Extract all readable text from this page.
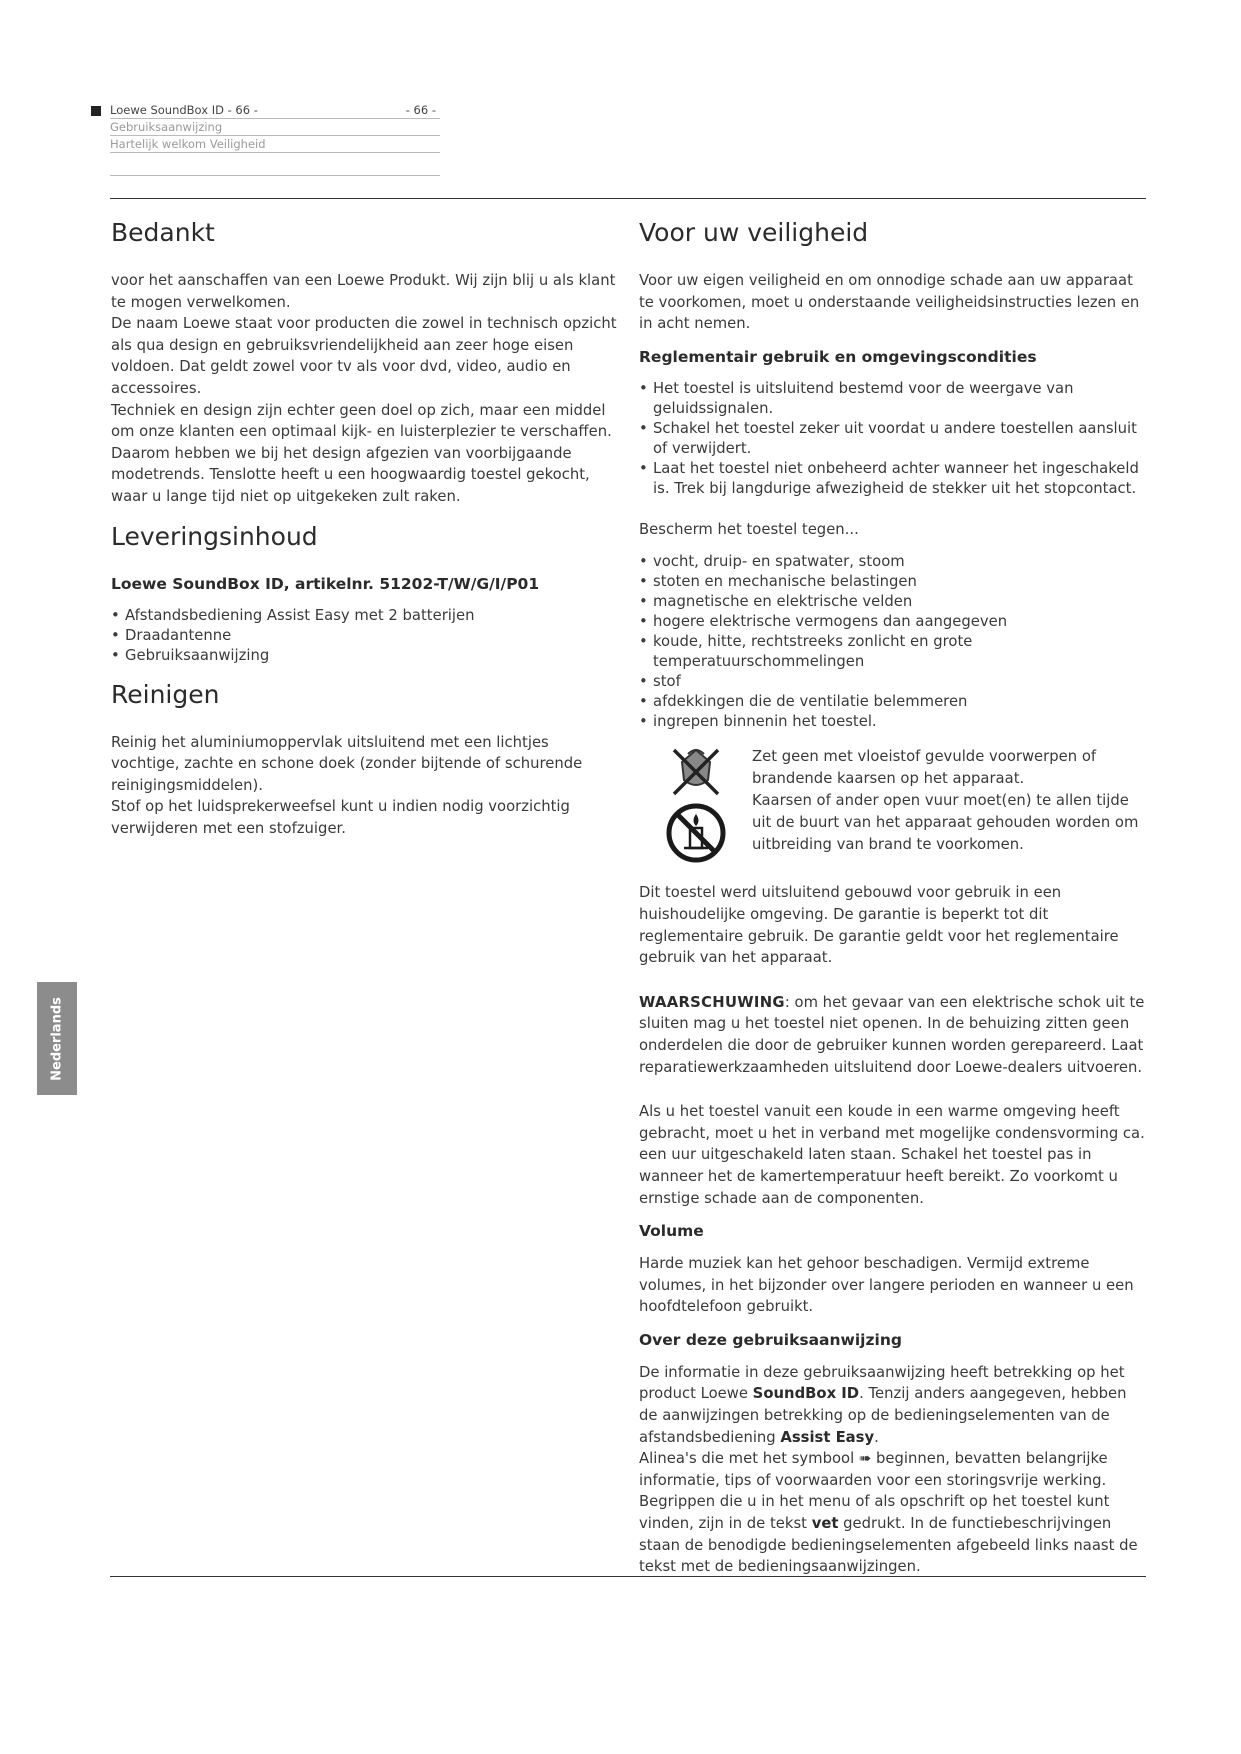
Loewe SoundBox ID - 66 -	- 66 -
Gebruiksaanwijzing
Hartelijk welkom Veiligheid
Nederlands
Bedankt

voor het aanschaffen van een Loewe Produkt. Wij zijn blij u als klant te mogen verwelkomen.

De naam Loewe staat voor producten die zowel in technisch opzicht als qua design en gebruiksvriendelijkheid aan zeer hoge eisen voldoen. Dat geldt zowel voor tv als voor dvd, video, audio en accessoires.

Techniek en design zijn echter geen doel op zich, maar een middel om onze klanten een optimaal kijk- en luisterplezier te verschaffen.

Daarom hebben we bij het design afgezien van voorbijgaande modetrends. Tenslotte heeft u een hoogwaardig toestel gekocht, waar u lange tijd niet op uitgekeken zult raken.

Leveringsinhoud
Loewe SoundBox ID, artikelnr. 51202-T/W/G/I/P01
• Afstandsbediening Assist Easy met 2 batterijen
• Draadantenne
• Gebruiksaanwijzing
Reinigen

Reinig het aluminiumoppervlak uitsluitend met een lichtjes vochtige, zachte en schone doek (zonder bijtende of schurende reinigingsmiddelen).

Stof op het luidsprekerweefsel kunt u indien nodig voorzichtig verwijderen met een stofzuiger.

Voor uw veiligheid

Voor uw eigen veiligheid en om onnodige schade aan uw apparaat te voorkomen, moet u onderstaande veiligheidsinstructies lezen en in acht nemen.

Reglementair gebruik en omgevingscondities
• Het toestel is uitsluitend bestemd voor de weergave van geluidssignalen.
• Schakel het toestel zeker uit voordat u andere toestellen aansluit of verwijdert.
• Laat het toestel niet onbeheerd achter wanneer het ingeschakeld is. Trek bij langdurige afwezigheid de stekker uit het stopcontact.

Bescherm het toestel tegen...

• vocht, druip- en spatwater, stoom
• stoten en mechanische belastingen
• magnetische en elektrische velden
• hogere elektrische vermogens dan aangegeven
• koude, hitte, rechtstreeks zonlicht en grote temperatuurschommelingen
• stof
• afdekkingen die de ventilatie belemmeren
• ingrepen binnenin het toestel.

Zet geen met vloeistof gevulde voorwerpen of brandende kaarsen op het apparaat.

Kaarsen of ander open vuur moet(en) te allen tijde uit de buurt van het apparaat gehouden worden om uitbreiding van brand te voorkomen.

Dit toestel werd uitsluitend gebouwd voor gebruik in een huishoudelijke omgeving. De garantie is beperkt tot dit reglementaire gebruik. De garantie geldt voor het reglementaire gebruik van het apparaat.

WAARSCHUWING: om het gevaar van een elektrische schok uit te sluiten mag u het toestel niet openen. In de behuizing zitten geen onderdelen die door de gebruiker kunnen worden gerepareerd. Laat reparatiewerkzaamheden uitsluitend door Loewe-dealers uitvoeren.

Als u het toestel vanuit een koude in een warme omgeving heeft gebracht, moet u het in verband met mogelijke condensvorming ca. een uur uitgeschakeld laten staan. Schakel het toestel pas in wanneer het de kamertemperatuur heeft bereikt. Zo voorkomt u ernstige schade aan de componenten.

Volume

Harde muziek kan het gehoor beschadigen. Vermijd extreme volumes, in het bijzonder over langere perioden en wanneer u een hoofdtelefoon gebruikt.

Over deze gebruiksaanwijzing

De informatie in deze gebruiksaanwijzing heeft betrekking op het product Loewe SoundBox ID. Tenzij anders aangegeven, hebben de aanwijzingen betrekking op de bedieningselementen van de afstandsbediening Assist Easy.

Alinea's die met het symbool ➠ beginnen, bevatten belangrijke informatie, tips of voorwaarden voor een storingsvrije werking.

Begrippen die u in het menu of als opschrift op het toestel kunt vinden, zijn in de tekst vet gedrukt. In de functiebeschrijvingen staan de benodigde bedieningselementen afgebeeld links naast de tekst met de bedieningsaanwijzingen.
